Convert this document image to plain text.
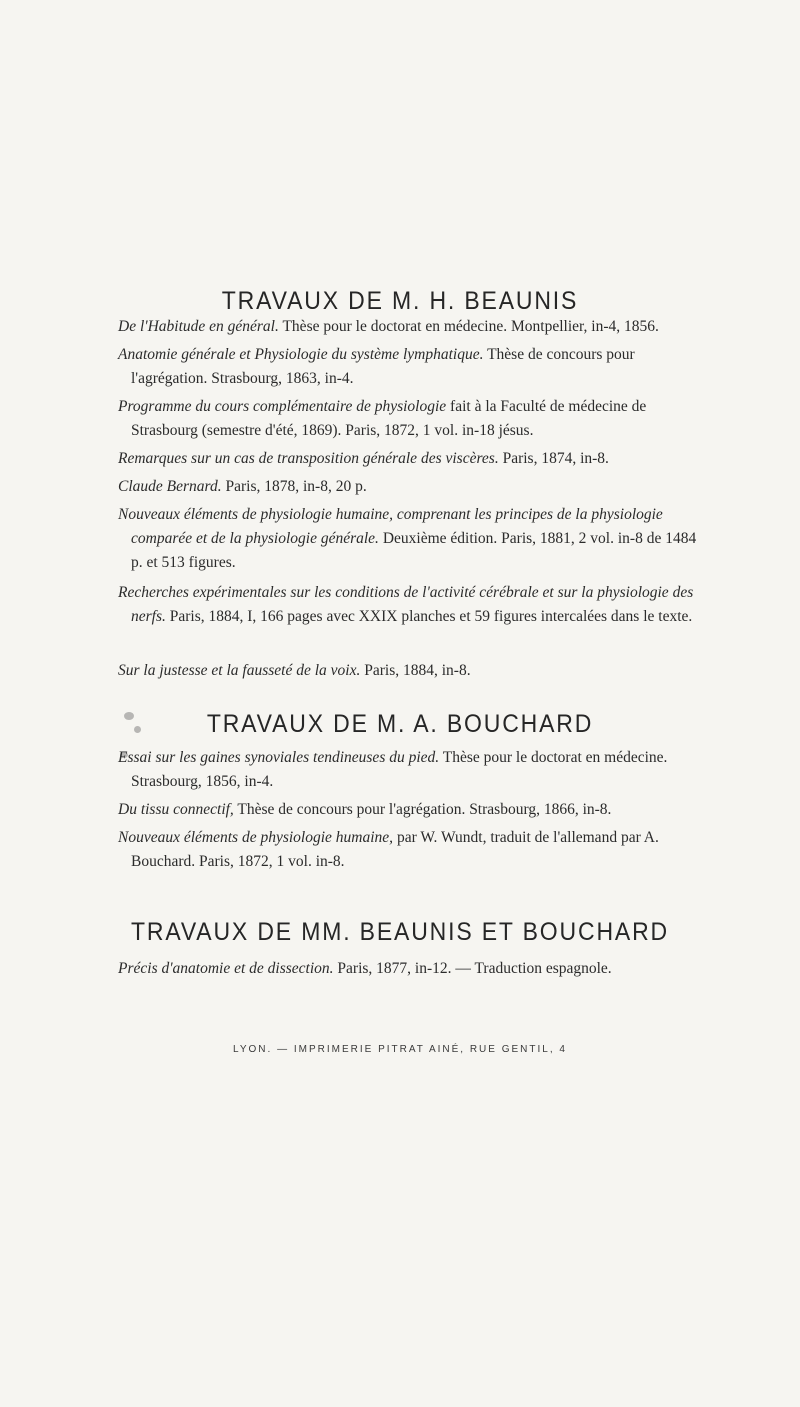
TRAVAUX DE M. H. BEAUNIS
De l'Habitude en général. Thèse pour le doctorat en médecine. Montpellier, in-4, 1856.
Anatomie générale et Physiologie du système lymphatique. Thèse de concours pour l'agrégation. Strasbourg, 1863, in-4.
Programme du cours complémentaire de physiologie fait à la Faculté de médecine de Strasbourg (semestre d'été, 1869). Paris, 1872, 1 vol. in-18 jésus.
Remarques sur un cas de transposition générale des viscères. Paris, 1874, in-8.
Claude Bernard. Paris, 1878, in-8, 20 p.
Nouveaux éléments de physiologie humaine, comprenant les principes de la physiologie comparée et de la physiologie générale. Deuxième édition. Paris, 1881, 2 vol. in-8 de 1484 p. et 513 figures.
Recherches expérimentales sur les conditions de l'activité cérébrale et sur la physiologie des nerfs. Paris, 1884, I, 166 pages avec XXIX planches et 59 figures intercalées dans le texte.
Sur la justesse et la fausseté de la voix. Paris, 1884, in-8.
TRAVAUX DE M. A. BOUCHARD
Essai sur les gaines synoviales tendineuses du pied. Thèse pour le doctorat en médecine. Strasbourg, 1856, in-4.
Du tissu connectif, Thèse de concours pour l'agrégation. Strasbourg, 1866, in-8.
Nouveaux éléments de physiologie humaine, par W. Wundt, traduit de l'allemand par A. Bouchard. Paris, 1872, 1 vol. in-8.
TRAVAUX DE MM. BEAUNIS ET BOUCHARD
Précis d'anatomie et de dissection. Paris, 1877, in-12. — Traduction espagnole.
LYON. — IMPRIMERIE PITRAT AINÉ, RUE GENTIL, 4
